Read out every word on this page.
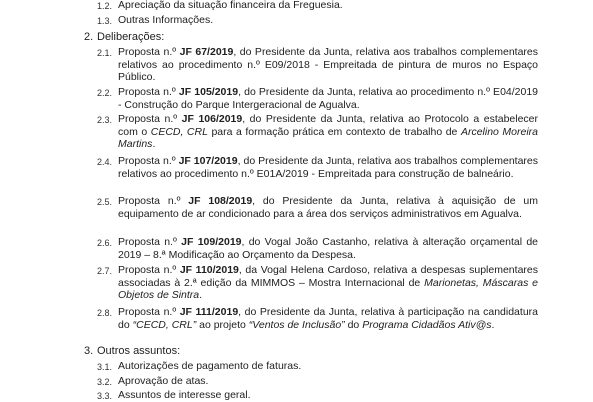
1.2. Apreciação da situação financeira da Freguesia.
1.3. Outras Informações.
2. Deliberações:
2.1. Proposta n.º JF 67/2019, do Presidente da Junta, relativa aos trabalhos complementares relativos ao procedimento n.º E09/2018 - Empreitada de pintura de muros no Espaço Público.
2.2. Proposta n.º JF 105/2019, do Presidente da Junta, relativa ao procedimento n.º E04/2019 - Construção do Parque Intergeracional de Agualva.
2.3. Proposta n.º JF 106/2019, do Presidente da Junta, relativa ao Protocolo a estabelecer com o CECD, CRL para a formação prática em contexto de trabalho de Arcelino Moreira Martins.
2.4. Proposta n.º JF 107/2019, do Presidente da Junta, relativa aos trabalhos complementares relativos ao procedimento n.º E01A/2019 - Empreitada para construção de balneário.
2.5. Proposta n.º JF 108/2019, do Presidente da Junta, relativa à aquisição de um equipamento de ar condicionado para a área dos serviços administrativos em Agualva.
2.6. Proposta n.º JF 109/2019, do Vogal João Castanho, relativa à alteração orçamental de 2019 – 8.ª Modificação ao Orçamento da Despesa.
2.7. Proposta n.º JF 110/2019, da Vogal Helena Cardoso, relativa a despesas suplementares associadas à 2.ª edição da MIMMOS – Mostra Internacional de Marionetas, Máscaras e Objetos de Sintra.
2.8. Proposta n.º JF 111/2019, do Presidente da Junta, relativa à participação na candidatura do “CECD, CRL” ao projeto “Ventos de Inclusão” do Programa Cidadãos Ativ@s.
3. Outros assuntos:
3.1. Autorizações de pagamento de faturas.
3.2. Aprovação de atas.
3.3. Assuntos de interesse geral.
